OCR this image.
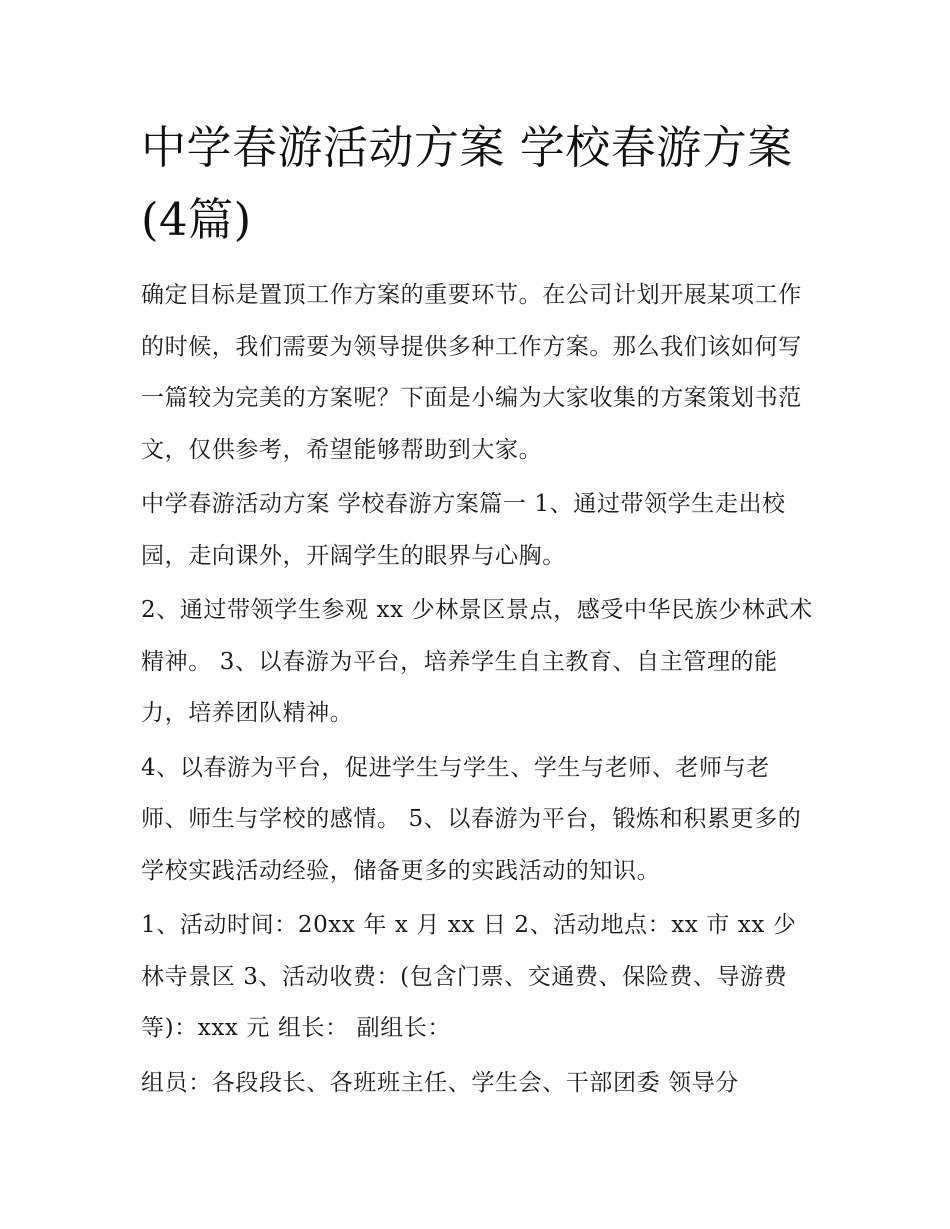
中学春游活动方案 学校春游方案(4篇)

确定目标是置顶工作方案的重要环节。在公司计划开展某项工作的时候，我们需要为领导提供多种工作方案。那么我们该如何写一篇较为完美的方案呢？下面是小编为大家收集的方案策划书范文，仅供参考，希望能够帮助到大家。

中学春游活动方案 学校春游方案篇一 1、通过带领学生走出校园，走向课外，开阔学生的眼界与心胸。

2、通过带领学生参观 xx 少林景区景点，感受中华民族少林武术精神。 3、以春游为平台，培养学生自主教育、自主管理的能力，培养团队精神。

4、以春游为平台，促进学生与学生、学生与老师、老师与老师、师生与学校的感情。 5、以春游为平台，锻炼和积累更多的学校实践活动经验，储备更多的实践活动的知识。

1、活动时间：20xx 年 x 月 xx 日 2、活动地点：xx 市 xx 少林寺景区 3、活动收费：(包含门票、交通费、保险费、导游费等)：xxx 元 组长： 副组长：

组员：各段段长、各班班主任、学生会、干部团委 领导分
